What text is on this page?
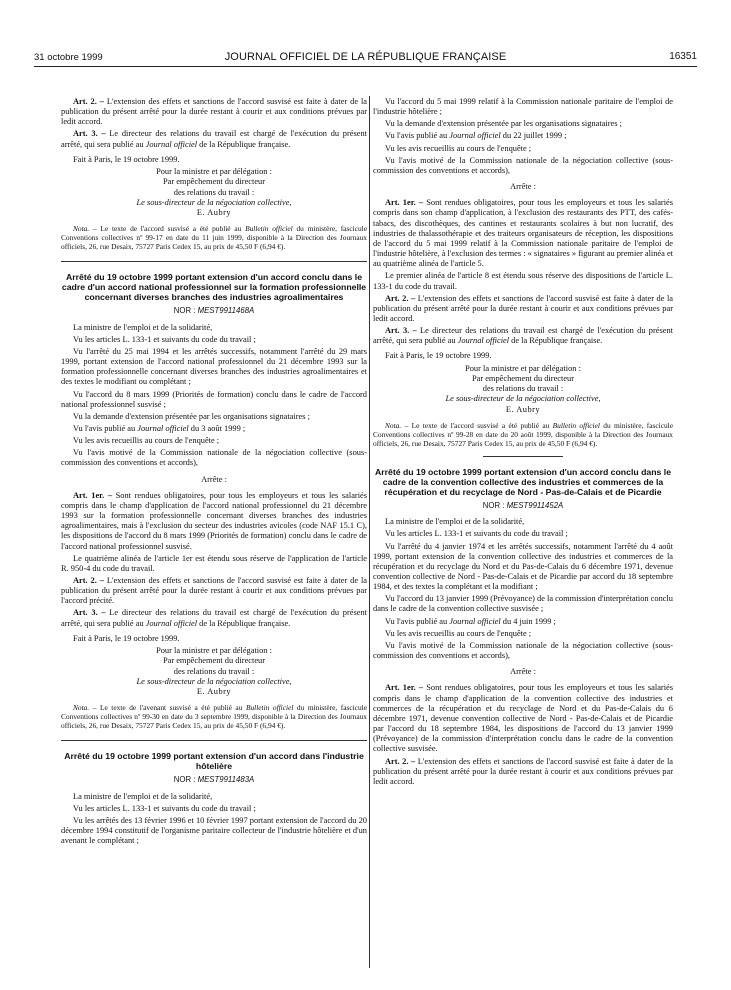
31 octobre 1999	JOURNAL OFFICIEL DE LA RÉPUBLIQUE FRANÇAISE	16351

Art. 2. – L'extension des effets et sanctions de l'accord susvisé est faite à dater de la publication du présent arrêté pour la durée restant à courir et aux conditions prévues par ledit accord.

Art. 3. – Le directeur des relations du travail est chargé de l'exécution du présent arrêté, qui sera publié au Journal officiel de la République française.

Fait à Paris, le 19 octobre 1999.

Pour la ministre et par délégation :
Par empêchement du directeur
des relations du travail :
Le sous-directeur de la négociation collective,
E. Aubry

Nota. – Le texte de l'accord susvisé a été publié au Bulletin officiel du ministère, fascicule Conventions collectives nº 99-17 en date du 11 juin 1999, disponible à la Direction des Journaux officiels, 26, rue Desaix, 75727 Paris Cedex 15, au prix de 45,50 F (6,94 €).

Arrêté du 19 octobre 1999 portant extension d'un accord conclu dans le cadre d'un accord national professionnel sur la formation professionnelle concernant diverses branches des industries agroalimentaires

NOR : MEST9911468A

La ministre de l'emploi et de la solidarité,

Vu les articles L. 133-1 et suivants du code du travail ;

Vu l'arrêté du 25 mai 1994 et les arrêtés successifs, notamment l'arrêté du 29 mars 1999, portant extension de l'accord national professionnel du 21 décembre 1993 sur la formation professionnelle concernant diverses branches des industries agroalimentaires et des textes le modifiant ou complétant ;

Vu l'accord du 8 mars 1999 (Priorités de formation) conclu dans le cadre de l'accord national professionnel susvisé ;

Vu la demande d'extension présentée par les organisations signataires ;

Vu l'avis publié au Journal officiel du 3 août 1999 ;

Vu les avis recueillis au cours de l'enquête ;

Vu l'avis motivé de la Commission nationale de la négociation collective (sous-commission des conventions et accords),

Arrête :

Art. 1er. – Sont rendues obligatoires, pour tous les employeurs et tous les salariés compris dans le champ d'application de l'accord national professionnel du 21 décembre 1993 sur la formation professionnelle concernant diverses branches des industries agroalimentaires, mais à l'exclusion du secteur des industries avicoles (code NAF 15.1 C), les dispositions de l'accord du 8 mars 1999 (Priorités de formation) conclu dans le cadre de l'accord national professionnel susvisé.

Le quatrième alinéa de l'article 1er est étendu sous réserve de l'application de l'article R. 950-4 du code du travail.

Art. 2. – L'extension des effets et sanctions de l'accord susvisé est faite à dater de la publication du présent arrêté pour la durée restant à courir et aux conditions prévues par l'accord précité.

Art. 3. – Le directeur des relations du travail est chargé de l'exécution du présent arrêté, qui sera publié au Journal officiel de la République française.

Fait à Paris, le 19 octobre 1999.

Pour la ministre et par délégation :
Par empêchement du directeur
des relations du travail :
Le sous-directeur de la négociation collective,
E. Aubry

Nota. – Le texte de l'avenant susvisé a été publié au Bulletin officiel du ministère, fascicule Conventions collectives nº 99-30 en date du 3 septembre 1999, disponible à la Direction des Journaux officiels, 26, rue Desaix, 75727 Paris Cedex 15, au prix de 45,50 F (6,94 €).

Arrêté du 19 octobre 1999 portant extension d'un accord dans l'industrie hôtelière

NOR : MEST9911483A

La ministre de l'emploi et de la solidarité,

Vu les articles L. 133-1 et suivants du code du travail ;

Vu les arrêtés des 13 février 1996 et 10 février 1997 portant extension de l'accord du 20 décembre 1994 constitutif de l'organisme paritaire collecteur de l'industrie hôtelière et d'un avenant le complétant ;

Vu l'accord du 5 mai 1999 relatif à la Commission nationale paritaire de l'emploi de l'industrie hôtelière ;

Vu la demande d'extension présentée par les organisations signataires ;

Vu l'avis publié au Journal officiel du 22 juillet 1999 ;

Vu les avis recueillis au cours de l'enquête ;

Vu l'avis motivé de la Commission nationale de la négociation collective (sous-commission des conventions et accords),

Arrête :

Art. 1er. – Sont rendues obligatoires, pour tous les employeurs et tous les salariés compris dans son champ d'application, à l'exclusion des restaurants des PTT, des cafés-tabacs, des discothèques, des cantines et restaurants scolaires à but non lucratif, des industries de thalassothérapie et des traiteurs organisateurs de réception, les dispositions de l'accord du 5 mai 1999 relatif à la Commission nationale paritaire de l'emploi de l'industrie hôtelière, à l'exclusion des termes : « signataires » figurant au premier alinéa et au quatrième alinéa de l'article 5.

Le premier alinéa de l'article 8 est étendu sous réserve des dispositions de l'article L. 133-1 du code du travail.

Art. 2. – L'extension des effets et sanctions de l'accord susvisé est faite à dater de la publication du présent arrêté pour la durée restant à courir et aux conditions prévues par ledit accord.

Art. 3. – Le directeur des relations du travail est chargé de l'exécution du présent arrêté, qui sera publié au Journal officiel de la République française.

Fait à Paris, le 19 octobre 1999.

Pour la ministre et par délégation :
Par empêchement du directeur
des relations du travail :
Le sous-directeur de la négociation collective,
E. Aubry

Nota. – Le texte de l'accord susvisé a été publié au Bulletin officiel du ministère, fascicule Conventions collectives nº 99-28 en date du 20 août 1999, disponible à la Direction des Journaux officiels, 26, rue Desaix, 75727 Paris Cedex 15, au prix de 45,50 F (6,94 €).

Arrêté du 19 octobre 1999 portant extension d'un accord conclu dans le cadre de la convention collective des industries et commerces de la récupération et du recyclage de Nord - Pas-de-Calais et de Picardie

NOR : MEST9911452A

La ministre de l'emploi et de la solidarité,

Vu les articles L. 133-1 et suivants du code du travail ;

Vu l'arrêté du 4 janvier 1974 et les arrêtés successifs, notamment l'arrêté du 4 août 1999, portant extension de la convention collective des industries et commerces de la récupération et du recyclage du Nord et du Pas-de-Calais du 6 décembre 1971, devenue convention collective de Nord - Pas-de-Calais et de Picardie par accord du 18 septembre 1984, et des textes la complétant et la modifiant ;

Vu l'accord du 13 janvier 1999 (Prévoyance) de la commission d'interprétation conclu dans le cadre de la convention collective susvisée ;

Vu l'avis publié au Journal officiel du 4 juin 1999 ;

Vu les avis recueillis au cours de l'enquête ;

Vu l'avis motivé de la Commission nationale de la négociation collective (sous-commission des conventions et accords),

Arrête :

Art. 1er. – Sont rendues obligatoires, pour tous les employeurs et tous les salariés compris dans le champ d'application de la convention collective des industries et commerces de la récupération et du recyclage de Nord et du Pas-de-Calais du 6 décembre 1971, devenue convention collective de Nord - Pas-de-Calais et de Picardie par l'accord du 18 septembre 1984, les dispositions de l'accord du 13 janvier 1999 (Prévoyance) de la commission d'interprétation conclu dans le cadre de la convention collective susvisée.

Art. 2. – L'extension des effets et sanctions de l'accord susvisé est faite à dater de la publication du présent arrêté pour la durée restant à courir et aux conditions prévues par ledit accord.
